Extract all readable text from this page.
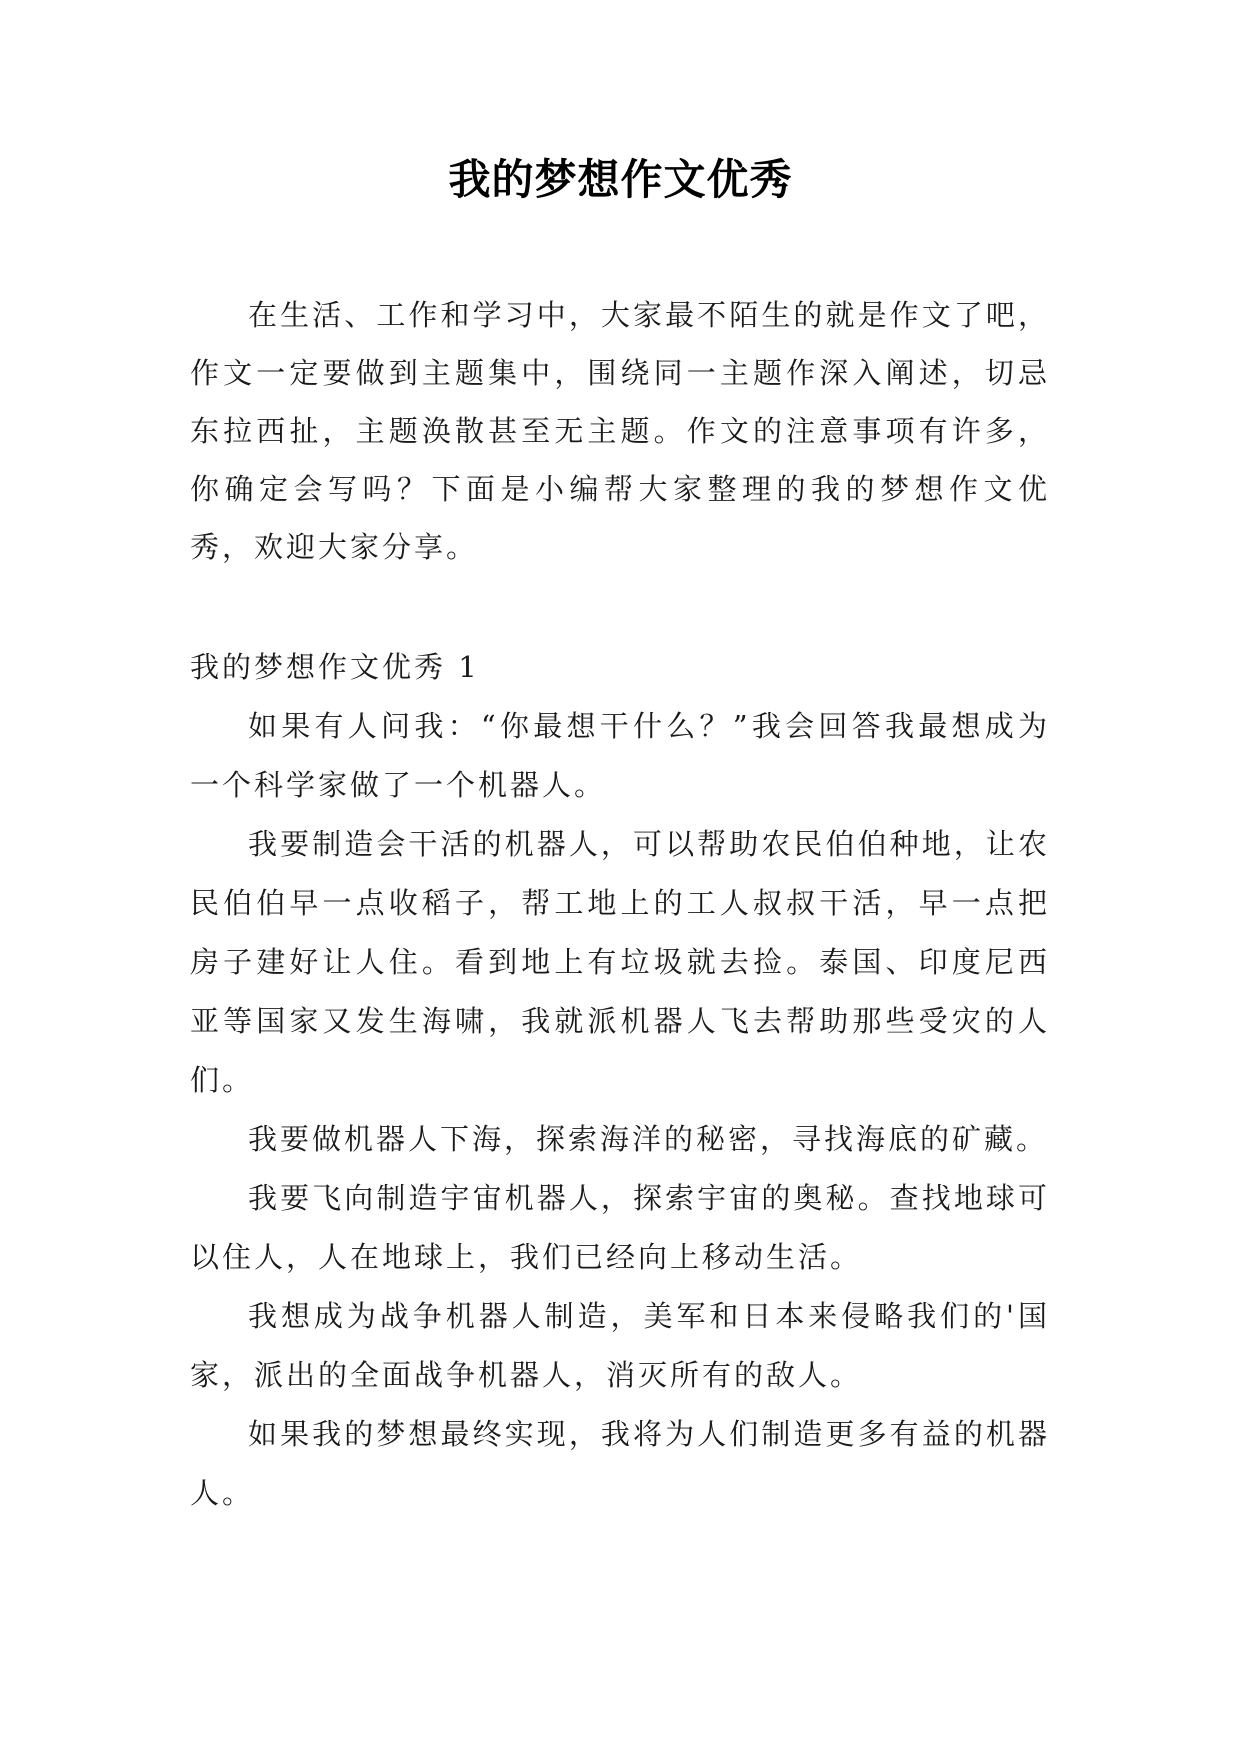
我的梦想作文优秀

在生活、工作和学习中，大家最不陌生的就是作文了吧，作文一定要做到主题集中，围绕同一主题作深入阐述，切忌东拉西扯，主题涣散甚至无主题。作文的注意事项有许多，你确定会写吗？下面是小编帮大家整理的我的梦想作文优秀，欢迎大家分享。

我的梦想作文优秀 1

如果有人问我：“你最想干什么？”我会回答我最想成为一个科学家做了一个机器人。

我要制造会干活的机器人，可以帮助农民伯伯种地，让农民伯伯早一点收稻子，帮工地上的工人叔叔干活，早一点把房子建好让人住。看到地上有垃圾就去捡。泰国、印度尼西亚等国家又发生海啸，我就派机器人飞去帮助那些受灾的人们。

我要做机器人下海，探索海洋的秘密，寻找海底的矿藏。

我要飞向制造宇宙机器人，探索宇宙的奥秘。查找地球可以住人，人在地球上，我们已经向上移动生活。

我想成为战争机器人制造，美军和日本来侵略我们的'国家，派出的全面战争机器人，消灭所有的敌人。

如果我的梦想最终实现，我将为人们制造更多有益的机器人。
